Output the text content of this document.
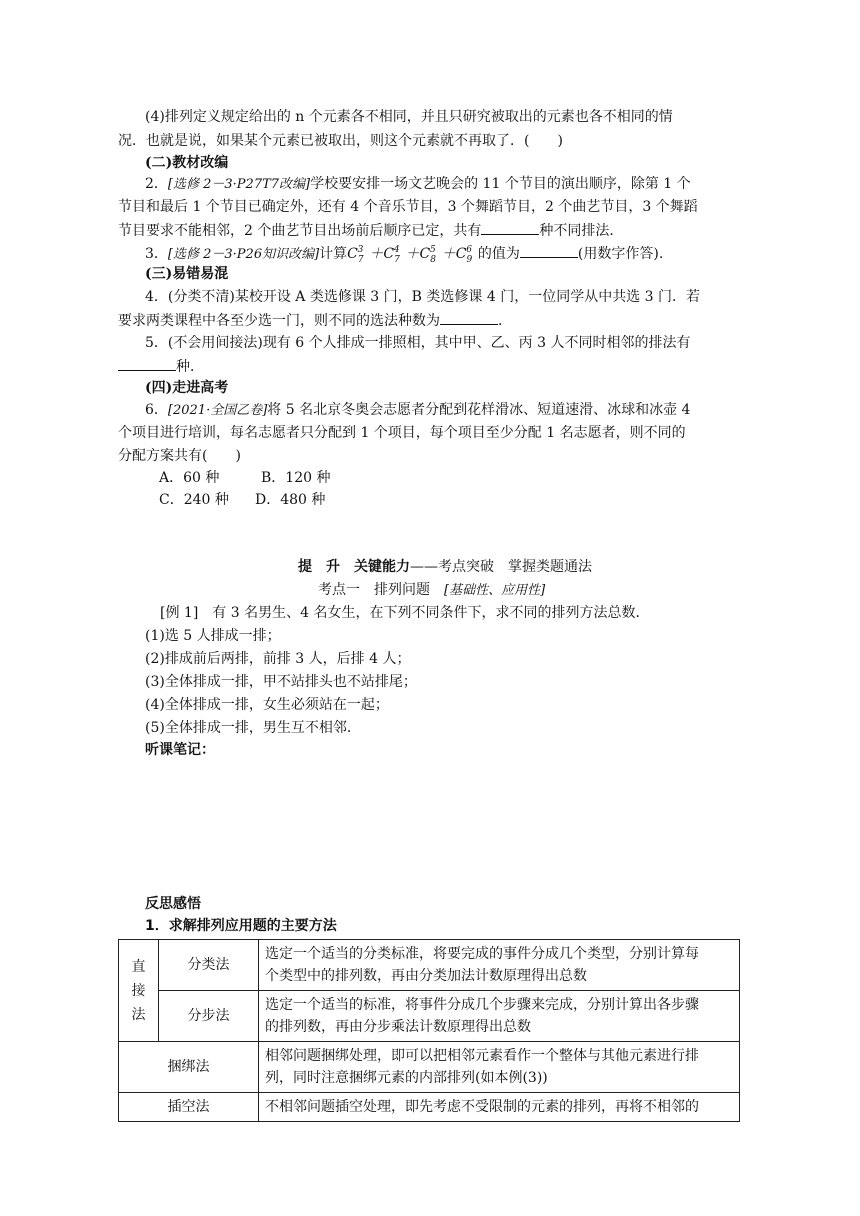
(4)排列定义规定给出的 n 个元素各不相同，并且只研究被取出的元素也各不相同的情
况．也就是说，如果某个元素已被取出，则这个元素就不再取了．(　　)
(二)教材改编
2．[选修 2－3·P27T7改编]学校要安排一场文艺晚会的 11 个节目的演出顺序，除第 1 个
节目和最后 1 个节目已确定外，还有 4 个音乐节目，3 个舞蹈节目，2 个曲艺节目，3 个舞蹈
节目要求不能相邻，2 个曲艺节目出场前后顺序已定，共有	种不同排法．
3．[选修 2－3·P26知识改编]计算$C_7^3 +C_7^4 +C_8^5 +C_9^6$ 的值为	(用数字作答).
(三)易错易混
4．(分类不清)某校开设 A 类选修课 3 门，B 类选修课 4 门，一位同学从中共选 3 门．若
要求两类课程中各至少选一门，则不同的选法种数为	．
5．(不会用间接法)现有 6 个人排成一排照相，其中甲、乙、丙 3 人不同时相邻的排法有
种．
(四)走进高考
6．[2021·全国乙卷]将 5 名北京冬奥会志愿者分配到花样滑冰、短道速滑、冰球和冰壶 4
个项目进行培训，每名志愿者只分配到 1 个项目，每个项目至少分配 1 名志愿者，则不同的
分配方案共有(　　)
A．60 种	B．120 种
C．240 种 D．480 种
提　升　关键能力——考点突破　掌握类题通法
考点一　排列问题　 [基础性、应用性]
[例 1]　有 3 名男生、4 名女生，在下列不同条件下，求不同的排列方法总数．
(1)选 5 人排成一排；
(2)排成前后两排，前排 3 人，后排 4 人；
(3)全体排成一排，甲不站排头也不站排尾；
(4)全体排成一排，女生必须站在一起；
(5)全体排成一排，男生互不相邻．
听课笔记：
反思感悟
1．求解排列应用题的主要方法
直接法	分类法	选定一个适当的分类标准，将要完成的事件分成几个类型，分别计算每
个类型中的排列数，再由分类加法计数原理得出总数
	分步法	选定一个适当的标准，将事件分成几个步骤来完成，分别计算出各步骤
的排列数，再由分步乘法计数原理得出总数
捆绑法		相邻问题捆绑处理，即可以把相邻元素看作一个整体与其他元素进行排
列，同时注意捆绑元素的内部排列(如本例(3))
插空法		不相邻问题插空处理，即先考虑不受限制的元素的排列，再将不相邻的
